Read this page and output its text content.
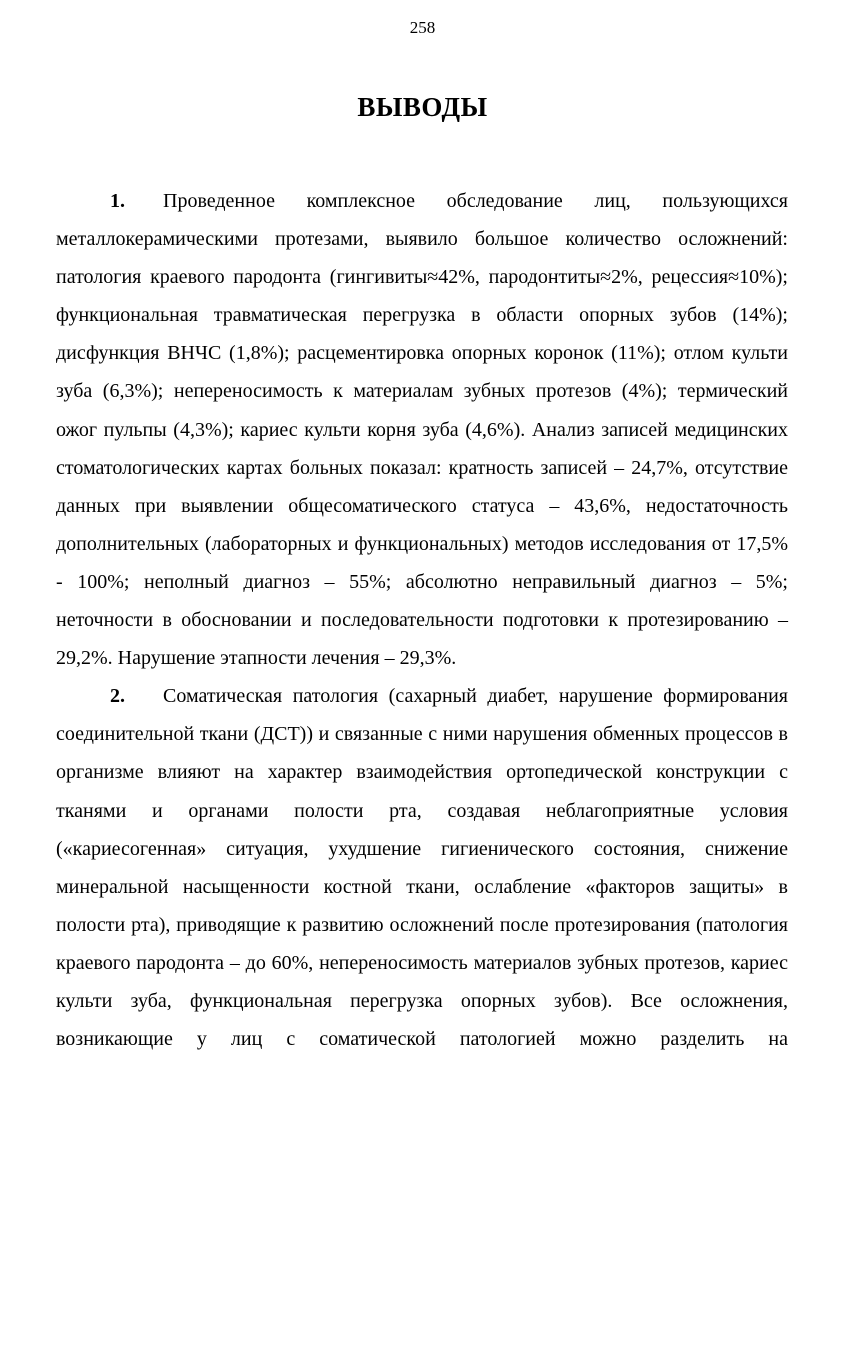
258
ВЫВОДЫ

1. Проведенное комплексное обследование лиц, пользующихся металлокерамическими протезами, выявило большое количество осложнений: патология краевого пародонта (гингивиты≈42%, пародонтиты≈2%, рецессия≈10%); функциональная травматическая перегрузка в области опорных зубов (14%); дисфункция ВНЧС (1,8%); расцементировка опорных коронок (11%); отлом культи зуба (6,3%); непереносимость к материалам зубных протезов (4%); термический ожог пульпы (4,3%); кариес культи корня зуба (4,6%). Анализ записей медицинских стоматологических картах больных показал: кратность записей – 24,7%, отсутствие данных при выявлении общесоматического статуса – 43,6%, недостаточность дополнительных (лабораторных и функциональных) методов исследования от 17,5% - 100%; неполный диагноз – 55%; абсолютно неправильный диагноз – 5%; неточности в обосновании и последовательности подготовки к протезированию – 29,2%. Нарушение этапности лечения – 29,3%.

2. Соматическая патология (сахарный диабет, нарушение формирования соединительной ткани (ДСТ)) и связанные с ними нарушения обменных процессов в организме влияют на характер взаимодействия ортопедической конструкции с тканями и органами полости рта, создавая неблагоприятные условия («кариесогенная» ситуация, ухудшение гигиенического состояния, снижение минеральной насыщенности костной ткани, ослабление «факторов защиты» в полости рта), приводящие к развитию осложнений после протезирования (патология краевого пародонта – до 60%, непереносимость материалов зубных протезов, кариес культи зуба, функциональная перегрузка опорных зубов). Все осложнения, возникающие у лиц с соматической патологией можно разделить на
